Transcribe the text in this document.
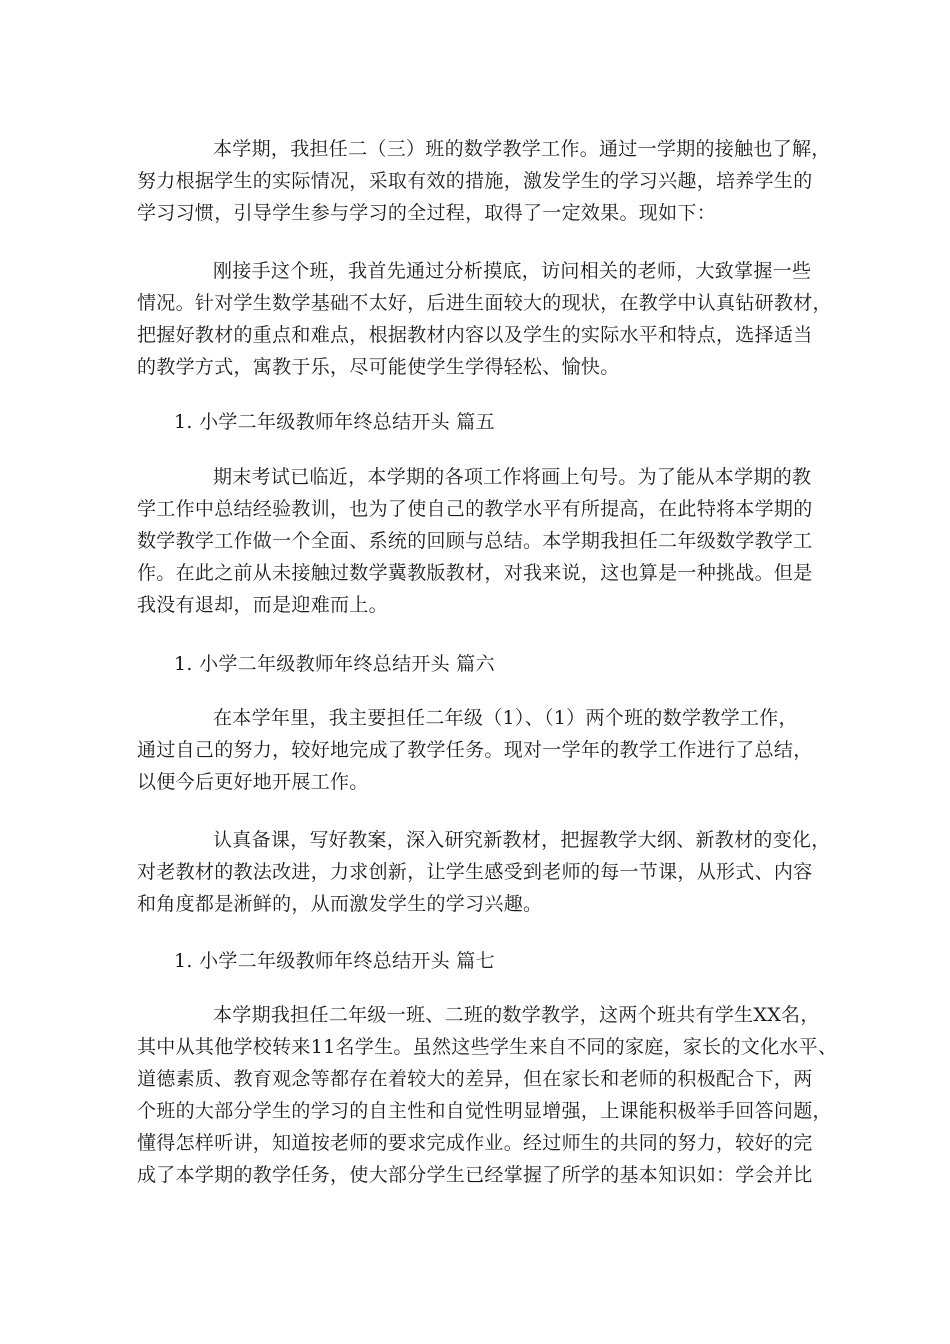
本学期，我担任二（三）班的数学教学工作。通过一学期的接触也了解，
努力根据学生的实际情况，采取有效的措施，激发学生的学习兴趣，培养学生的
学习习惯，引导学生参与学习的全过程，取得了一定效果。现如下：
刚接手这个班，我首先通过分析摸底，访问相关的老师，大致掌握一些
情况。针对学生数学基础不太好，后进生面较大的现状，在教学中认真钻研教材，
把握好教材的重点和难点，根据教材内容以及学生的实际水平和特点，选择适当
的教学方式，寓教于乐，尽可能使学生学得轻松、愉快。
1. 小学二年级教师年终总结开头 篇五
期末考试已临近，本学期的各项工作将画上句号。为了能从本学期的教
学工作中总结经验教训，也为了使自己的教学水平有所提高，在此特将本学期的
数学教学工作做一个全面、系统的回顾与总结。本学期我担任二年级数学教学工
作。在此之前从未接触过数学冀教版教材，对我来说，这也算是一种挑战。但是
我没有退却，而是迎难而上。
1. 小学二年级教师年终总结开头 篇六
在本学年里，我主要担任二年级（1）、（1）两个班的数学教学工作，
通过自己的努力，较好地完成了教学任务。现对一学年的教学工作进行了总结，
以便今后更好地开展工作。
认真备课，写好教案，深入研究新教材，把握教学大纲、新教材的变化，
对老教材的教法改进，力求创新，让学生感受到老师的每一节课，从形式、内容
和角度都是淅鲜的，从而激发学生的学习兴趣。
1. 小学二年级教师年终总结开头 篇七
本学期我担任二年级一班、二班的数学教学，这两个班共有学生XX名，
其中从其他学校转来11名学生。虽然这些学生来自不同的家庭，家长的文化水平、
道德素质、教育观念等都存在着较大的差异，但在家长和老师的积极配合下，两
个班的大部分学生的学习的自主性和自觉性明显增强，上课能积极举手回答问题，
懂得怎样听讲，知道按老师的要求完成作业。经过师生的共同的努力，较好的完
成了本学期的教学任务，使大部分学生已经掌握了所学的基本知识如：学会并比
